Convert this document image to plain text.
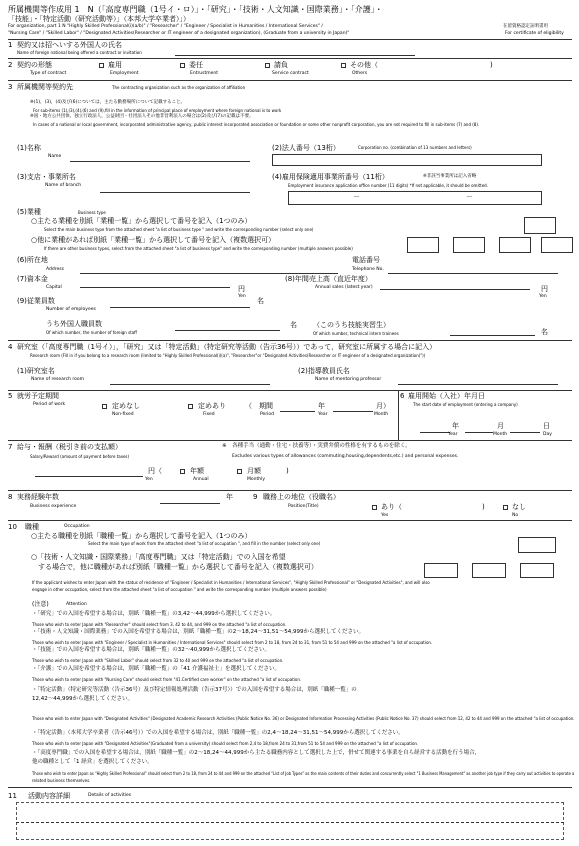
所属機関等作成用 1　N（「高度専門職（1号イ・ロ）」・「研究」・「技術・人文知識・国際業務」・「介護」・
「技能」・「特定活動（研究活動等）」（本邦大学卒業者）」）
For organization, part 1 N "Highly Skilled Professional(i)(a/b)" / "Researcher" / "Engineer / Specialist in Humanities / International Services" /
"Nursing Care" / "Skilled Labor" / "Designated Activities(Researcher or IT engineer of a designated organization), (Graduate from a university in Japan)"
在留資格認定証明書用
For certificate of eligibility
1 契約又は招へいする外国人の氏名
Name of foreign national being offered a contract or invitation
2 契約の形態
Type of contract
雇用
Employment
委任
Entrustment
請負
Service contract
その他（
Others
)
3 所属機関等契約先	The contracting organization such as the organization of affiliation
※(1)，(3)，(4)及び(6)については，主たる勤務場所について記載すること。
For sub-items (1),(3),(4),(6) and (9),fill in the information of principal place of employment where foreign national is to work
※国・地方公共団体，独立行政法人，公益財団・社団法人その他非営利法人の場合は(2)及び(7)の記載は不要。
In cases of a national or local government, incorporated administrative agency, public interest incorporated association or foundation or some other nonprofit corporation, you are not required to fill in sub-items (7) and (8).
(1)名称
Name
(2)法人番号（13桁）	Corporation no. (combination of 13 numbers and letters)
(3)支店・事業所名
Name of branch
(4)雇用保険適用事業所番号（11桁）	※非該当事業所は記入省略
Employment insurance application office number (11 digits) *If not applicable, it should be omitted.
－	－
(5)業種	Business type
○主たる業種を別紙「業種一覧」から選択して番号を記入（1つのみ）
Select the main business type from the attached sheet "a list of business type " and write the corresponding number (select only one)
○他に業種があれば別紙「業種一覧」から選択して番号を記入（複数選択可）
If there are other business types, select from the attached sheet "a list of business type" and write the corresponding number (multiple answers possible)
(6)所在地
Address
電話番号
Telephone No.
(7)資本金
Capital	円
Yen
(8)年間売上高（直近年度）
Annual sales (latest year)	円
Yen
(9)従業員数
Number of employees
名
うち外国人職員数
Of which number, the number of foreign staff
名 （このうち技能実習生）
Of which number, technical intern trainees	名
4 研究室（「高度専門職（1号イ）」，「研究」又は「特定活動」（特定研究等活動（告示36号））であって，研究室に所属する場合に記入）
Research room (Fill in if you belong to a research room (limited to "Highly Skilled Professional(i)(a)", "Researcher"or "Designated Activities(Researcher or IT engineer of a designated organization)"))
(1)研究室名
Name of research room
(2)指導教員氏名
Name of mentoring professor
5 就労予定期間
Period of work	定めなし
Non-fixed
定めあり
Fixed
（　期間
Period
年
Year
月）
Month
6 雇用開始（入社）年月日
The start date of employment (entering a company)
年
Year
月
Month
日
Day
7 給与・報酬（税引き前の支払額）
Salary/Reward (amount of payment before taxes)
※　各種手当（通勤・住宅・扶養等）・実費弁償の性格を有するものを除く。
Excludes various types of allowances (commuting,housing,dependents,etc.) and personal expenses.
円（
Yen
年額
Annual
月額
Monthly
)
8 実務経験年数
Business experience
年	9 職務上の地位（役職名）
Position(Title)	あり（
Yes
)	なし
No
10 職種	Occupation
○主たる職種を別紙「職種一覧」から選択して番号を記入（1つのみ）
Select the main type of work from the attached sheet "a list of occupation ", and fill in the number (select only one)
○「技術・人文知識・国際業務」「高度専門職」又は「特定活動」での入国を希望
する場合で，他に職種があれば別紙「職種一覧」から選択して番号を記入（複数選択可）
If the applicant wishes to enter Japan with the status of residence of "Engineer / Specialist in Humanities / International Services", "Highly Skilled Professional" or "Designated Activities", and will also
engage in other occupation, select from the attached sheet "a list of occupation " and write the corresponding number (multiple answers possible)
(注意)	Attention
・「研究」での入国を希望する場合は，別紙「職種一覧」の3,42～44,999から選択してください。
Those who wish to enter Japan with "Researcher" should select from 3, 42 to 44, and 999 on the attached "a list of occupation.
・「技術・人文知識・国際業務」での入国を希望する場合は，別紙「職種一覧」の2～18,24～31,51～54,999から選択してください。
Those who wish to enter Japan with "Engineer / Specialist in Humanities / International Services" should select from 2 to 18, from 24 to 31, from 51 to 54 and 999 on the attached "a list of occupation.
・「技能」での入国を希望する場合は，別紙「職種一覧」の32～40,999から選択してください。
Those who wish to enter Japan with "Skilled Labor" should select from 32 to 40 and 999 on the attached "a list of occupation.
・「介護」での入国を希望する場合は，別紙「職種一覧」の「41 介護福祉士」を選択してください。
Those who wish to enter Japan with "Nursing Care" should select from "41.Certified care worker" on the attached "a list of occupation.
・「特定活動」（特定研究等活動（告示36号）及び特定情報処理活動（告示37号））での入国を希望する場合は，別紙「職種一覧」の
12,42～44,999から選択してください。
Those who wish to enter Japan with "Designated Activities" (Designated Academic Research Activities (Public Notice No. 36) or Designated Information Processing Activities (Public Notice No. 37) should select from 12, 42 to 44 and 999 on the attached "a list of occupation.
・「特定活動」（本邦大学卒業者（告示46号））での入国を希望する場合は，別紙「職種一覧」の2,4～18,24～31,51～54,999から選択してください。
Those who wish to enter Japan with "Designated Activities"(Graduated from a university) should select from 2,4 to 18,from 24 to 31,from 51 to 54 and 999 on the attached "a list of occupation.
・「高度専門職」での入国を希望する場合は，別紙「職種一覧」の2～18,24～44,999から主たる職務内容として選択した上で，併せて関連する事業を自ら経営する活動を行う場合，
他の職種として「1 経営」を選択してください。
Those who wish to enter Japan as "Highly Skilled Professional" should select from 2 to 18, from 24 to 44 and 999 on the attached "List of Job Types" as the main contents of their duties and concurrently select "1 Business Management" as another job type if they carry out activities to operate a
related business themselves.
11 活動内容詳細	Details of activities
